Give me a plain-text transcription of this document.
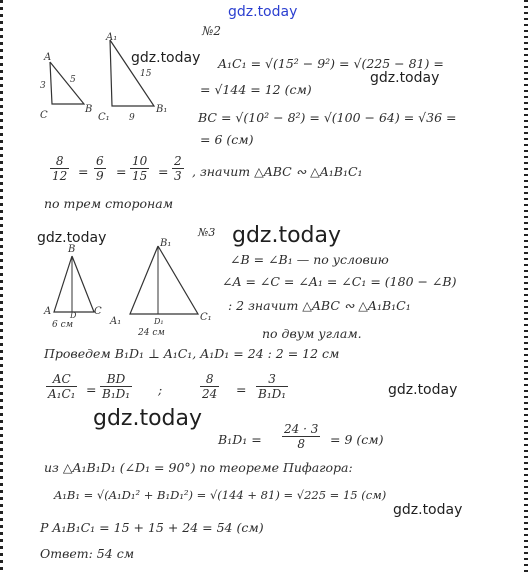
gdz.today
gdz.today
gdz.today
gdz.today	gdz.today
gdz.today
gdz.today
gdz.today
№2
A
B
C
5
3
A₁
B₁
C₁
15
9
B
A	C
D
6 см
B₁
A₁	C₁
D₁
24 см
A₁C₁ = √(15² − 9²) = √(225 − 81) =
= √144 = 12 (см)
BC = √(10² − 8²) = √(100 − 64) = √36 =
= 6 (см)
$\frac{8}{12} = \frac{6}{9} = \frac{10}{15} = \frac{2}{3}$ , значит △ABC ∾ △A₁B₁C₁
по трем сторонам
№3
∠B = ∠B₁ — по условию
∠A = ∠C = ∠A₁ = ∠C₁ = (180 − ∠B)
: 2 значит △ABC ∾ △A₁B₁C₁
по двум углам.
Проведем B₁D₁ ⊥ A₁C₁, A₁D₁ = 24 : 2 = 12 см
$\frac{AC}{\text{A₁C₁}} = \frac{BD}{\text{B₁D₁}}$ ;	$\frac{8}{24} = \frac{3}{\text{B₁D₁}}$
$B_1D_1 = \frac{24 \cdot 3}{8} = 9$ (см)
из △A₁B₁D₁ (∠D₁ = 90°) по теореме Пифагора:
A₁B₁ = √(A₁D₁² + B₁D₁²) = √(144 + 81) = √225 = 15 (см)
P A₁B₁C₁ = 15 + 15 + 24 = 54 (см)
Ответ: 54 см
